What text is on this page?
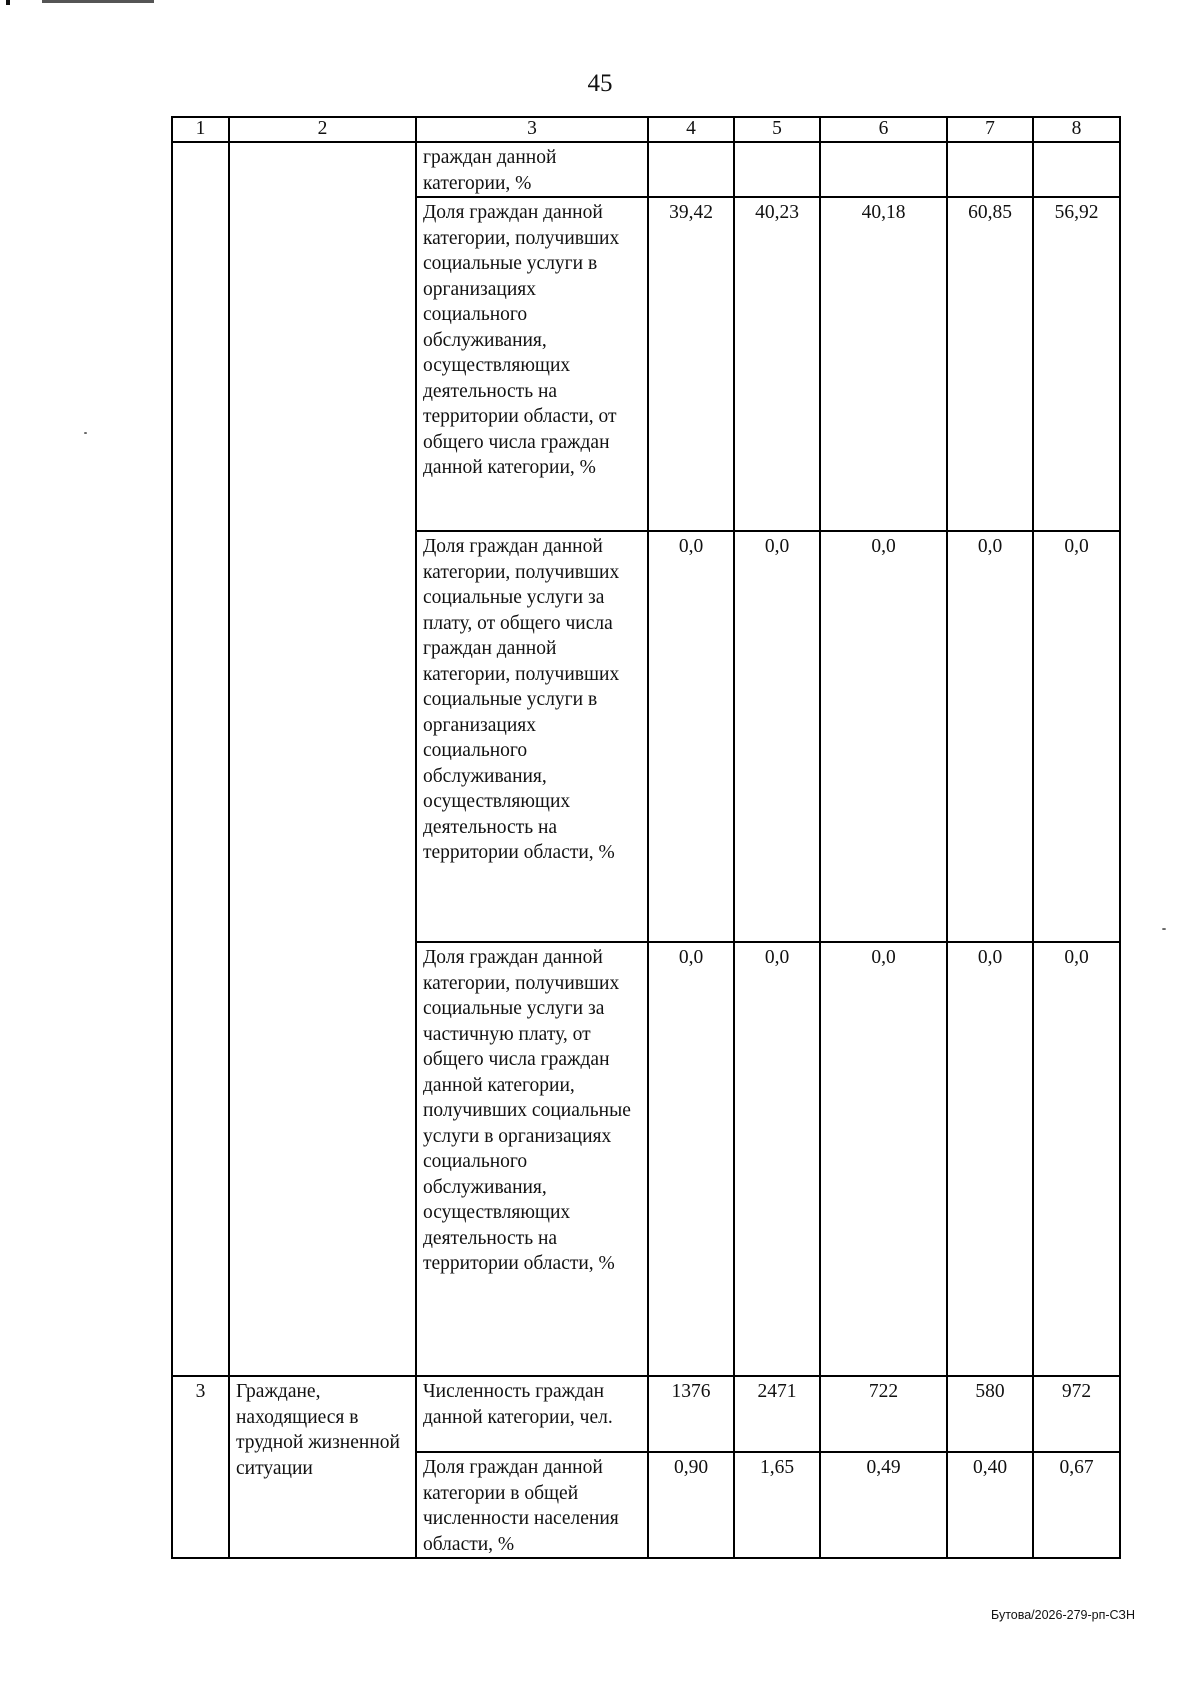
45
1	2	3	4	5	6	7	8
		граждан данной категории, %					
		Доля граждан данной категории, получивших социальные услуги в организациях социального обслуживания, осуществляющих деятельность на территории области, от общего числа граждан данной категории, %	39,42	40,23	40,18	60,85	56,92
		Доля граждан данной категории, получивших социальные услуги за плату, от общего числа граждан данной категории, получивших социальные услуги в организациях социального обслуживания, осуществляющих деятельность на территории области, %	0,0	0,0	0,0	0,0	0,0
		Доля граждан данной категории, получивших социальные услуги за частичную плату, от общего числа граждан данной категории, получивших социальные услуги в организациях социального обслуживания, осуществляющих деятельность на территории области, %	0,0	0,0	0,0	0,0	0,0
3	Граждане, находящиеся в трудной жизненной ситуации	Численность граждан данной категории, чел.	1376	2471	722	580	972
		Доля граждан данной категории в общей численности населения области, %	0,90	1,65	0,49	0,40	0,67
Бутова/2026-279-рп-СЗН
